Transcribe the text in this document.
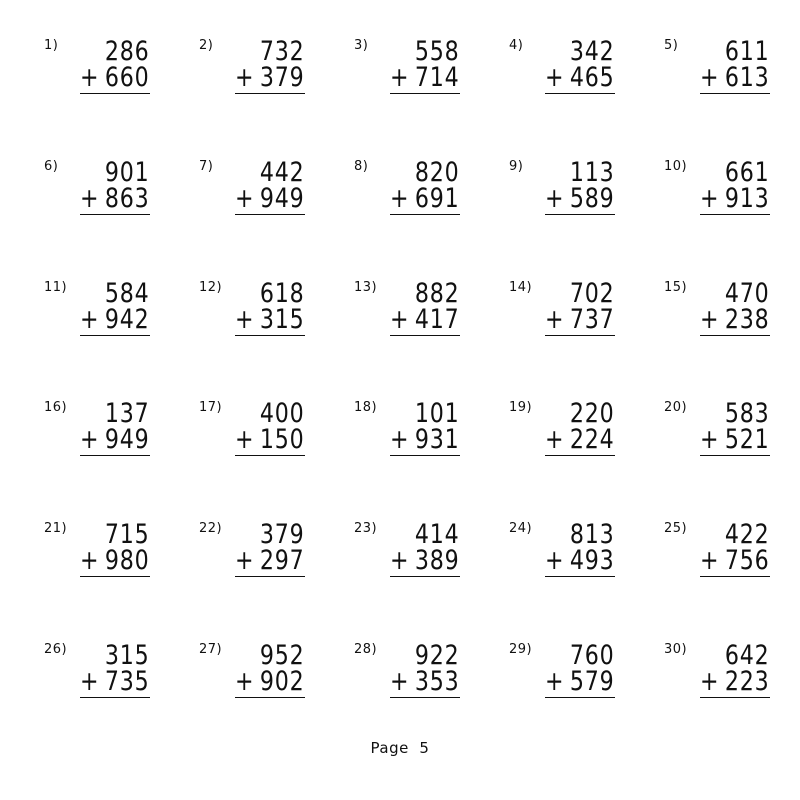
1) 286
+ 660
2) 732
+ 379
3) 558
+ 714
4) 342
+ 465
5) 611
+ 613
6) 901
+ 863
7) 442
+ 949
8) 820
+ 691
9) 113
+ 589
10) 661
+ 913
11) 584
+ 942
12) 618
+ 315
13) 882
+ 417
14) 702
+ 737
15) 470
+ 238
16) 137
+ 949
17) 400
+ 150
18) 101
+ 931
19) 220
+ 224
20) 583
+ 521
21) 715
+ 980
22) 379
+ 297
23) 414
+ 389
24) 813
+ 493
25) 422
+ 756
26) 315
+ 735
27) 952
+ 902
28) 922
+ 353
29) 760
+ 579
30) 642
+ 223
Page  5
